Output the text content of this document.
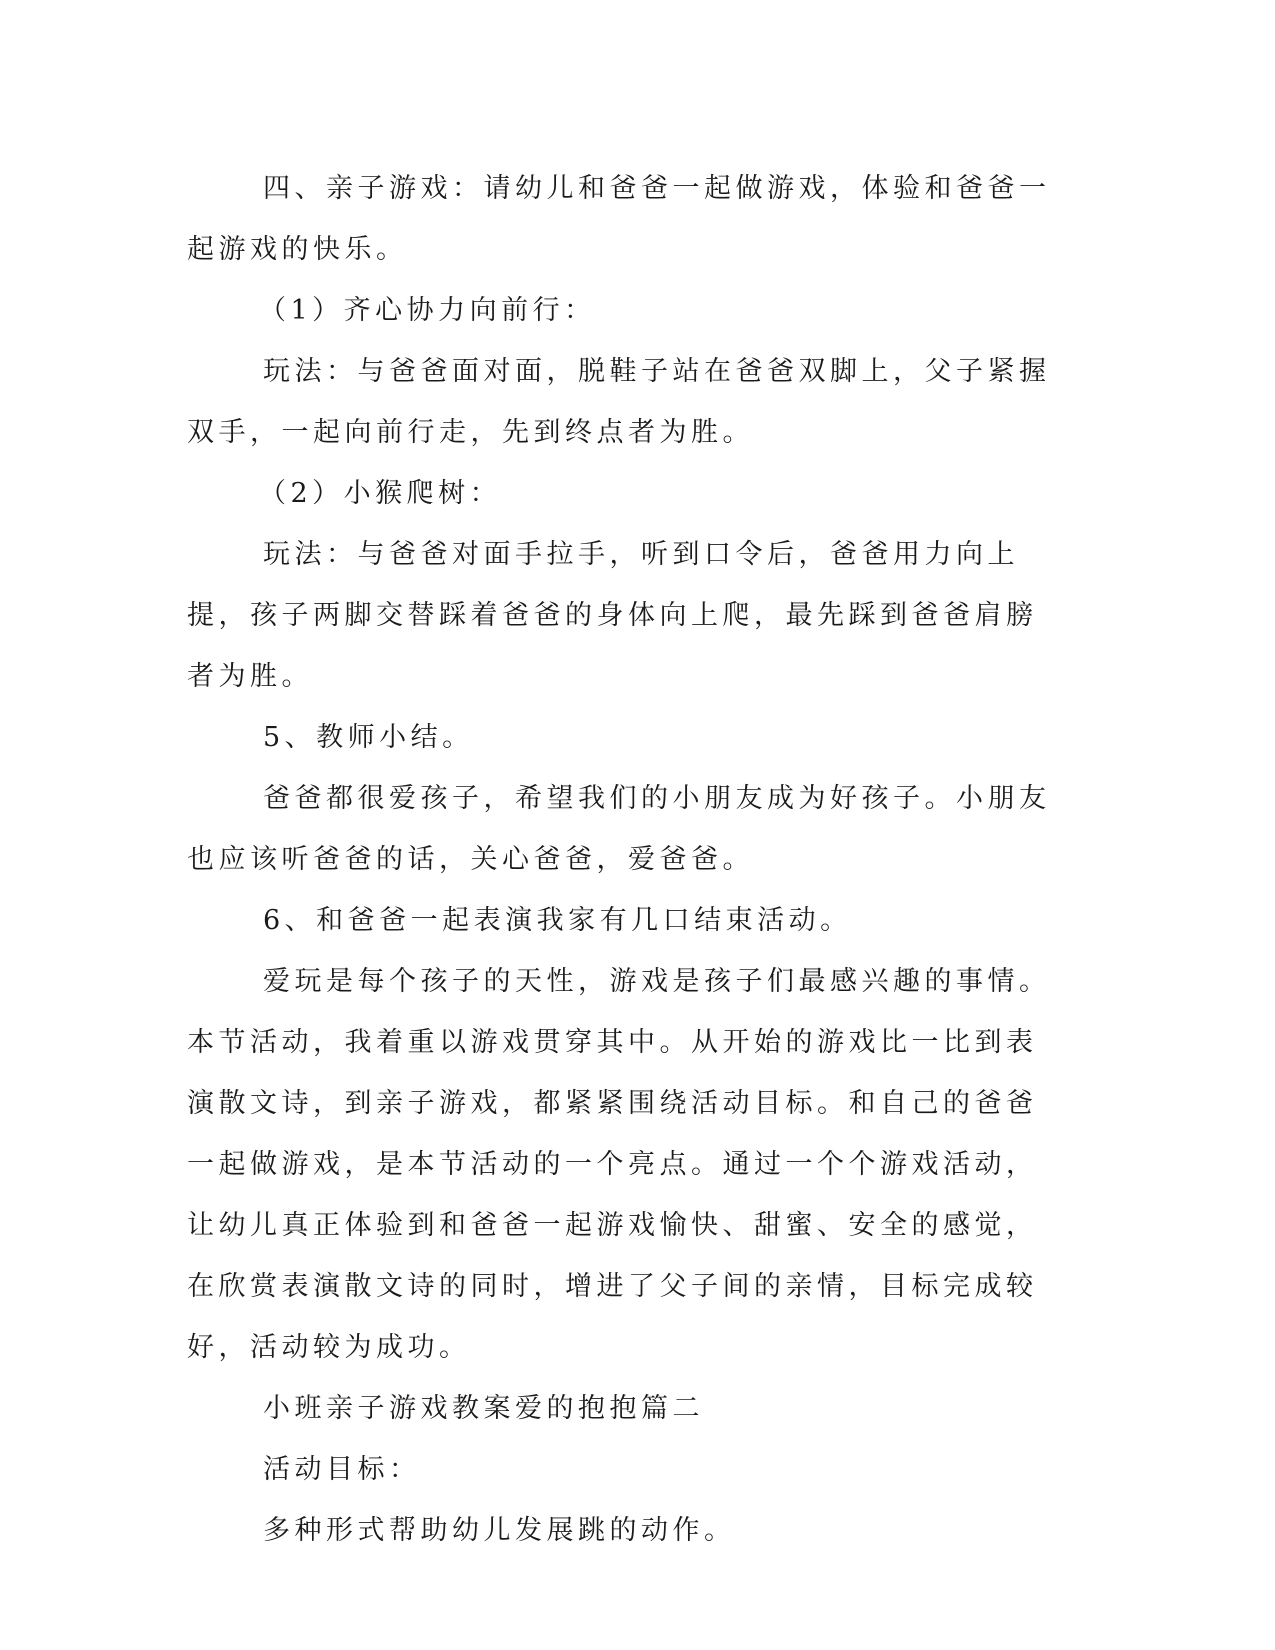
四、亲子游戏：请幼儿和爸爸一起做游戏，体验和爸爸一起游戏的快乐。

（1）齐心协力向前行：

玩法：与爸爸面对面，脱鞋子站在爸爸双脚上，父子紧握双手，一起向前行走，先到终点者为胜。

（2）小猴爬树：

玩法：与爸爸对面手拉手，听到口令后，爸爸用力向上提，孩子两脚交替踩着爸爸的身体向上爬，最先踩到爸爸肩膀者为胜。

5、教师小结。

爸爸都很爱孩子，希望我们的小朋友成为好孩子。小朋友也应该听爸爸的话，关心爸爸，爱爸爸。

6、和爸爸一起表演我家有几口结束活动。

爱玩是每个孩子的天性，游戏是孩子们最感兴趣的事情。本节活动，我着重以游戏贯穿其中。从开始的游戏比一比到表演散文诗，到亲子游戏，都紧紧围绕活动目标。和自己的爸爸一起做游戏，是本节活动的一个亮点。通过一个个游戏活动，让幼儿真正体验到和爸爸一起游戏愉快、甜蜜、安全的感觉，在欣赏表演散文诗的同时，增进了父子间的亲情，目标完成较好，活动较为成功。

小班亲子游戏教案爱的抱抱篇二

活动目标：

多种形式帮助幼儿发展跳的动作。
